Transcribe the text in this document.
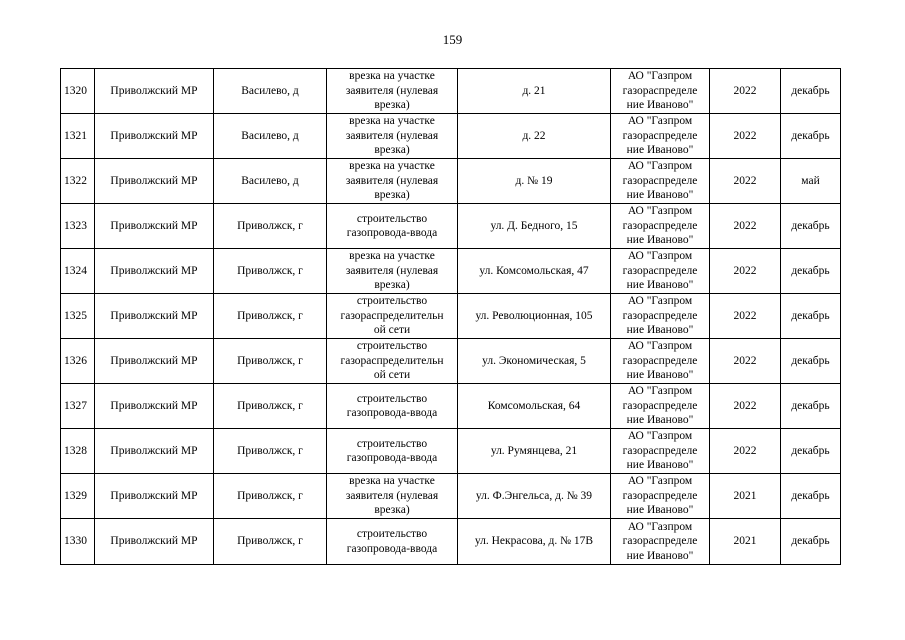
159
1320	Приволжский МР	Василево, д	врезка на участке
заявителя (нулевая
врезка)	д. 21	АО "Газпром
газораспределе
ние Иваново"	2022	декабрь
1321	Приволжский МР	Василево, д	врезка на участке
заявителя (нулевая
врезка)	д. 22	АО "Газпром
газораспределе
ние Иваново"	2022	декабрь
1322	Приволжский МР	Василево, д	врезка на участке
заявителя (нулевая
врезка)	д. № 19	АО "Газпром
газораспределе
ние Иваново"	2022	май
1323	Приволжский МР	Приволжск, г	строительство
газопровода-ввода	ул. Д. Бедного, 15	АО "Газпром
газораспределе
ние Иваново"	2022	декабрь
1324	Приволжский МР	Приволжск, г	врезка на участке
заявителя (нулевая
врезка)	ул. Комсомольская, 47	АО "Газпром
газораспределе
ние Иваново"	2022	декабрь
1325	Приволжский МР	Приволжск, г	строительство
газораспределительн
ой сети	ул. Революционная, 105	АО "Газпром
газораспределе
ние Иваново"	2022	декабрь
1326	Приволжский МР	Приволжск, г	строительство
газораспределительн
ой сети	ул. Экономическая, 5	АО "Газпром
газораспределе
ние Иваново"	2022	декабрь
1327	Приволжский МР	Приволжск, г	строительство
газопровода-ввода	Комсомольская, 64	АО "Газпром
газораспределе
ние Иваново"	2022	декабрь
1328	Приволжский МР	Приволжск, г	строительство
газопровода-ввода	ул. Румянцева, 21	АО "Газпром
газораспределе
ние Иваново"	2022	декабрь
1329	Приволжский МР	Приволжск, г	врезка на участке
заявителя (нулевая
врезка)	ул. Ф.Энгельса, д. № 39	АО "Газпром
газораспределе
ние Иваново"	2021	декабрь
1330	Приволжский МР	Приволжск, г	строительство
газопровода-ввода	ул. Некрасова, д. № 17В	АО "Газпром
газораспределе
ние Иваново"	2021	декабрь
